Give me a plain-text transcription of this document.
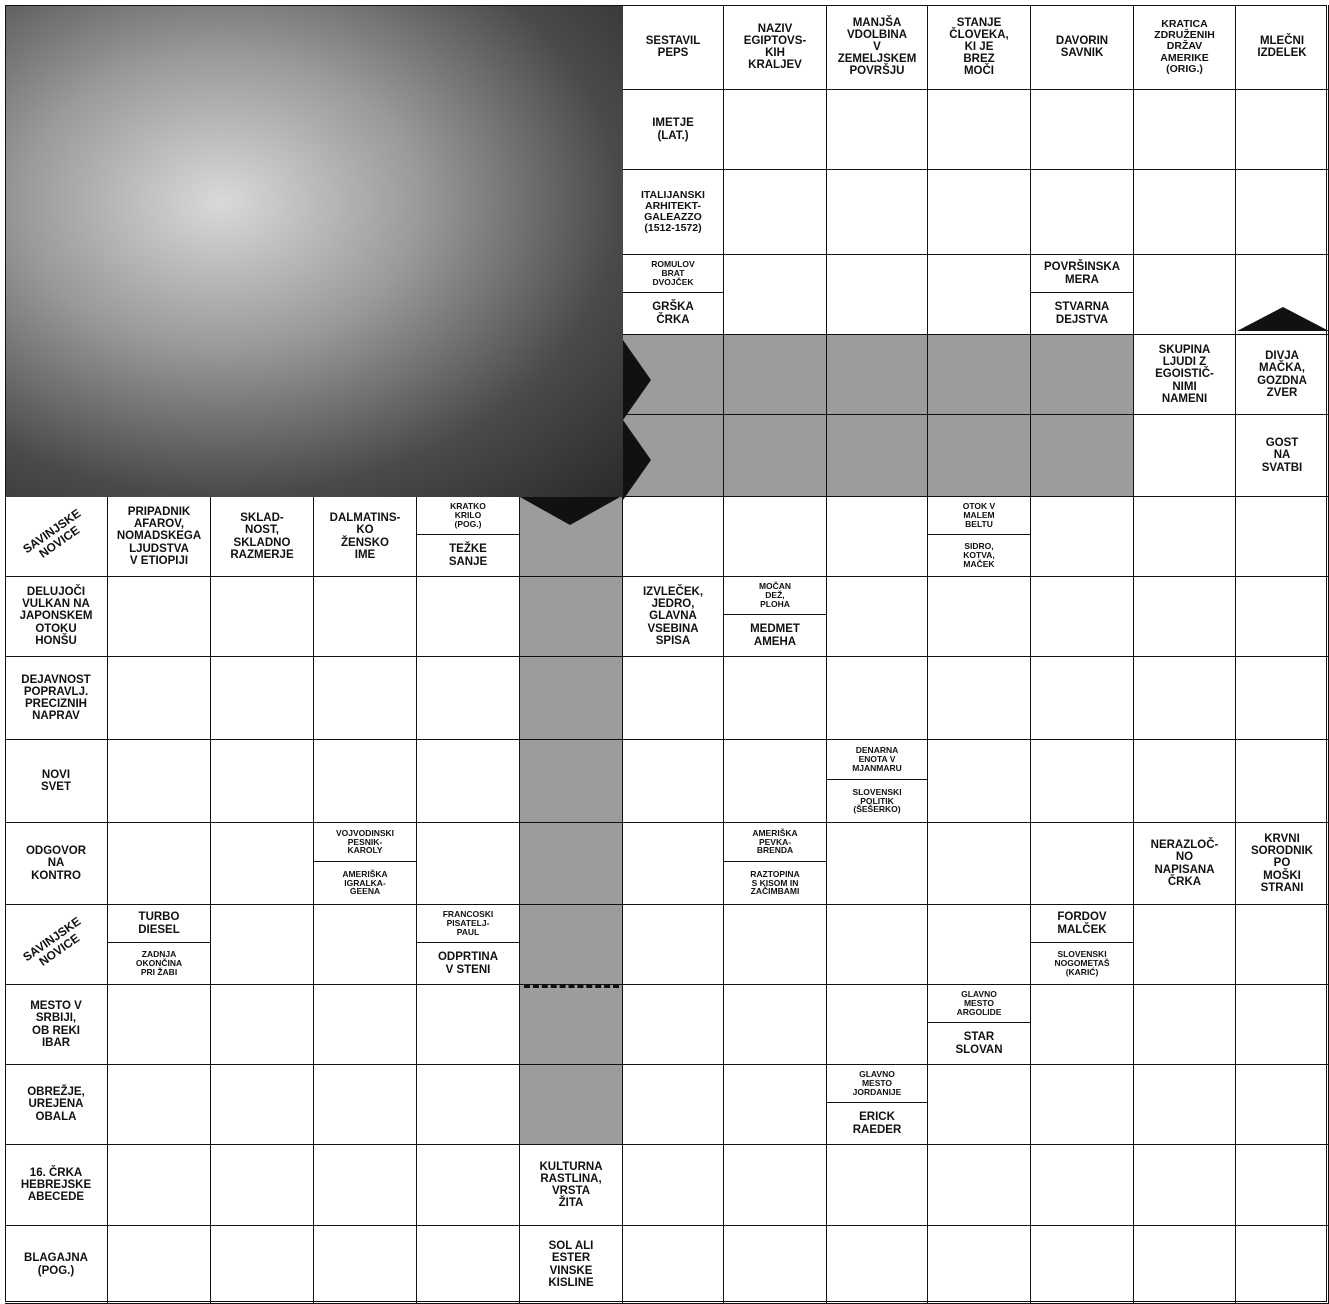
SESTAVIL
PEPS
NAZIV
EGIPTOVS-
KIH
KRALJEV
MANJŠA
VDOLBINA
V
ZEMELJSKEM
POVRŠJU
STANJE
ČLOVEKA,
KI JE
BREZ
MOČI
DAVORIN
SAVNIK
KRATICA
ZDRUŽENIH
DRŽAV
AMERIKE
(ORIG.)
MLEČNI
IZDELEK
IMETJE
(LAT.)
ITALIJANSKI
ARHITEKT-
GALEAZZO
(1512-1572)
ROMULOV
BRAT
DVOJČEK
GRŠKA
ČRKA
POVRŠINSKA
MERA
STVARNA
DEJSTVA
SKUPINA
LJUDI Z
EGOISTIČ-
NIMI
NAMENI
DIVJA
MAČKA,
GOZDNA
ZVER
GOST
NA
SVATBI
SAVINJSKE
NOVICE
PRIPADNIK
AFAROV,
NOMADSKEGA
LJUDSTVA
V ETIOPIJI
SKLAD-
NOST,
SKLADNO
RAZMERJE
DALMATINS-
KO
ŽENSKO
IME
KRATKO
KRILO
(POG.)
TEŽKE
SANJE
OTOK V
MALEM
BELTU
SIDRO,
KOTVA,
MAČEK
DELUJOČI
VULKAN NA
JAPONSKEM
OTOKU
HONŠU
IZVLEČEK,
JEDRO,
GLAVNA
VSEBINA
SPISA
MOČAN
DEŽ,
PLOHA
MEDMET
AMEHA
DEJAVNOST
POPRAVLJ.
PRECIZNIH
NAPRAV
NOVI
SVET
DENARNA
ENOTA V
MJANMARU
SLOVENSKI
POLITIK
(ŠEŠERKO)
ODGOVOR
NA
KONTRO
VOJVODINSKI
PESNIK-
KAROLY
AMERIŠKA
IGRALKA-
GEENA
AMERIŠKA
PEVKA-
BRENDA
RAZTOPINA
S KISOM IN
ZAČIMBAMI
NERAZLOČ-
NO
NAPISANA
ČRKA
KRVNI
SORODNIK
PO
MOŠKI
STRANI
SAVINJSKE
NOVICE
TURBO
DIESEL
ZADNJA
OKONČINA
PRI ŽABI
FRANCOSKI
PISATELJ-
PAUL
ODPRTINA
V STENI
FORDOV
MALČEK
SLOVENSKI
NOGOMETAŠ
(KARIĆ)
MESTO V
SRBIJI,
OB REKI
IBAR
GLAVNO
MESTO
ARGOLIDE
STAR
SLOVAN
OBREŽJE,
UREJENA
OBALA
GLAVNO
MESTO
JORDANIJE
ERICK
RAEDER
16. ČRKA
HEBREJSKE
ABECEDE
KULTURNA
RASTLINA,
VRSTA
ŽITA
BLAGAJNA
(POG.)
SOL ALI
ESTER
VINSKE
KISLINE
